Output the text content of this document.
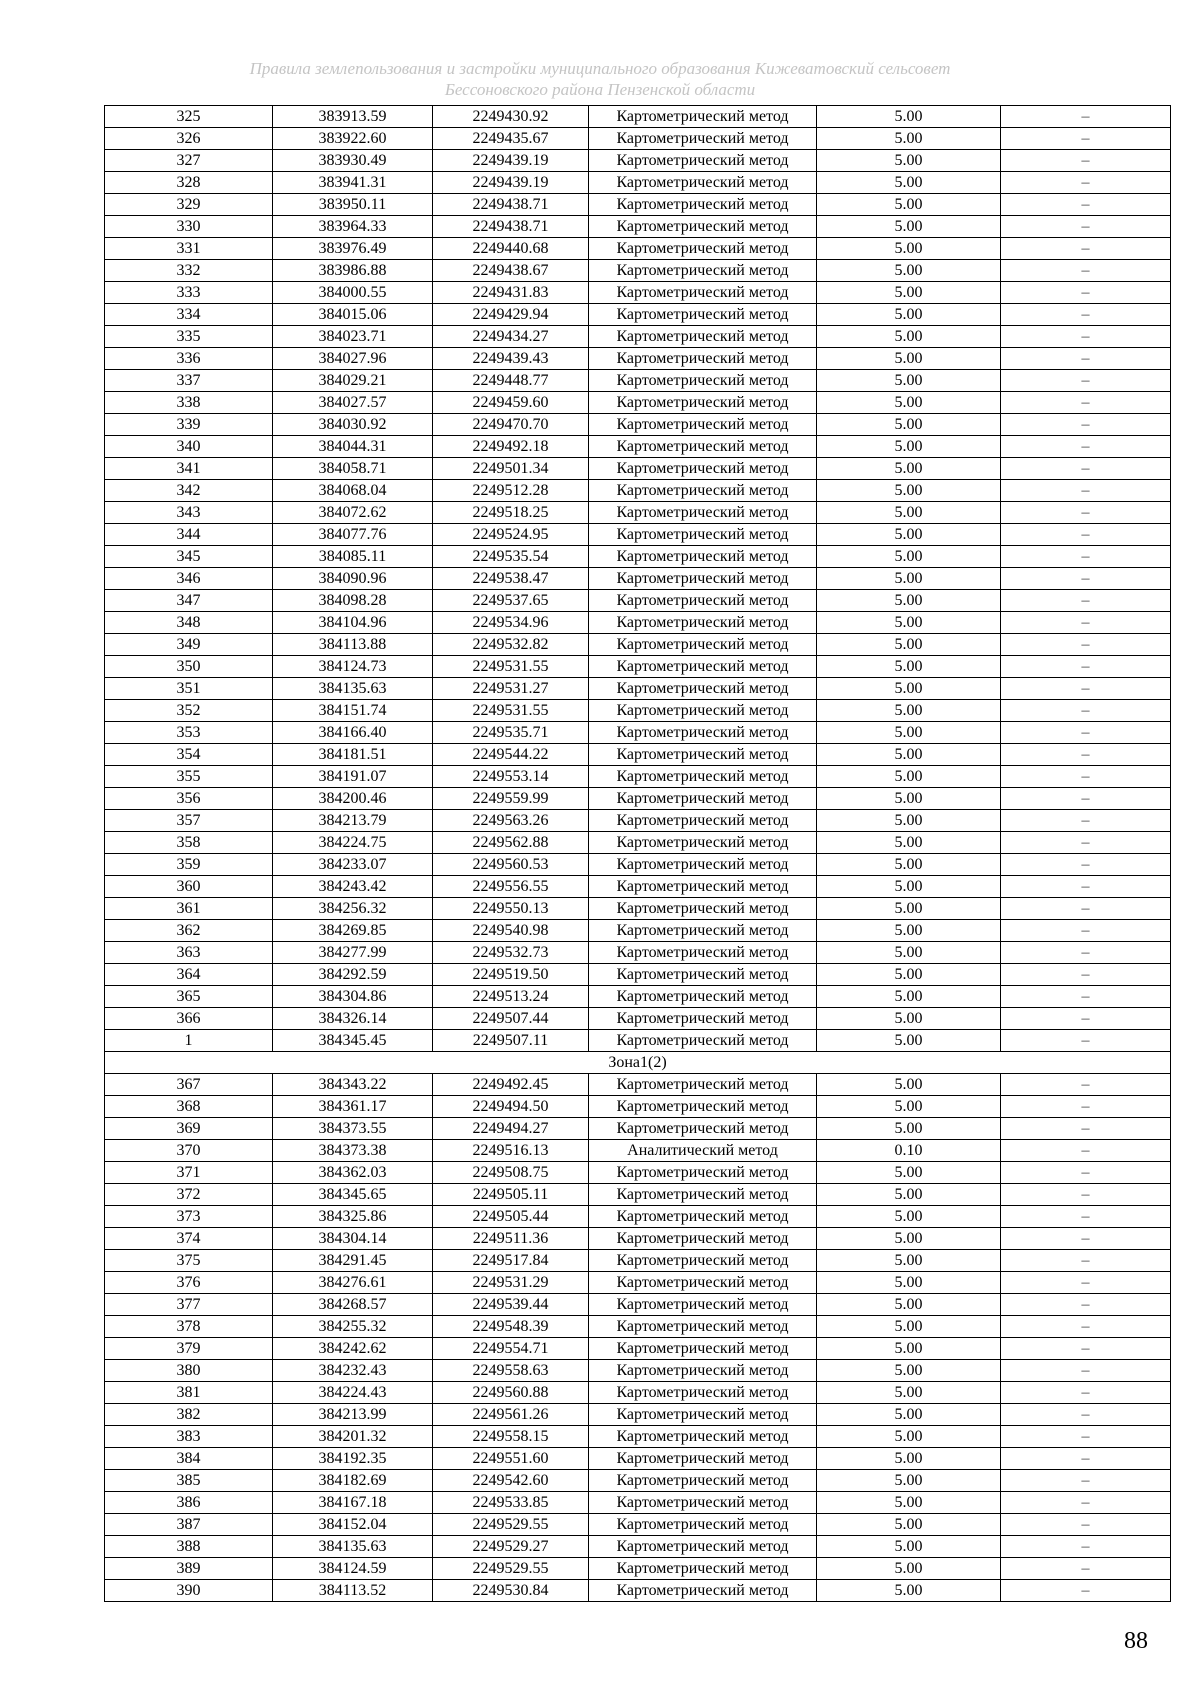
Правила землепользования и застройки муниципального образования Кижеватовский сельсовет
Бессоновского района Пензенской области
325	383913.59	2249430.92	Картометрический метод	5.00	–
326	383922.60	2249435.67	Картометрический метод	5.00	–
327	383930.49	2249439.19	Картометрический метод	5.00	–
328	383941.31	2249439.19	Картометрический метод	5.00	–
329	383950.11	2249438.71	Картометрический метод	5.00	–
330	383964.33	2249438.71	Картометрический метод	5.00	–
331	383976.49	2249440.68	Картометрический метод	5.00	–
332	383986.88	2249438.67	Картометрический метод	5.00	–
333	384000.55	2249431.83	Картометрический метод	5.00	–
334	384015.06	2249429.94	Картометрический метод	5.00	–
335	384023.71	2249434.27	Картометрический метод	5.00	–
336	384027.96	2249439.43	Картометрический метод	5.00	–
337	384029.21	2249448.77	Картометрический метод	5.00	–
338	384027.57	2249459.60	Картометрический метод	5.00	–
339	384030.92	2249470.70	Картометрический метод	5.00	–
340	384044.31	2249492.18	Картометрический метод	5.00	–
341	384058.71	2249501.34	Картометрический метод	5.00	–
342	384068.04	2249512.28	Картометрический метод	5.00	–
343	384072.62	2249518.25	Картометрический метод	5.00	–
344	384077.76	2249524.95	Картометрический метод	5.00	–
345	384085.11	2249535.54	Картометрический метод	5.00	–
346	384090.96	2249538.47	Картометрический метод	5.00	–
347	384098.28	2249537.65	Картометрический метод	5.00	–
348	384104.96	2249534.96	Картометрический метод	5.00	–
349	384113.88	2249532.82	Картометрический метод	5.00	–
350	384124.73	2249531.55	Картометрический метод	5.00	–
351	384135.63	2249531.27	Картометрический метод	5.00	–
352	384151.74	2249531.55	Картометрический метод	5.00	–
353	384166.40	2249535.71	Картометрический метод	5.00	–
354	384181.51	2249544.22	Картометрический метод	5.00	–
355	384191.07	2249553.14	Картометрический метод	5.00	–
356	384200.46	2249559.99	Картометрический метод	5.00	–
357	384213.79	2249563.26	Картометрический метод	5.00	–
358	384224.75	2249562.88	Картометрический метод	5.00	–
359	384233.07	2249560.53	Картометрический метод	5.00	–
360	384243.42	2249556.55	Картометрический метод	5.00	–
361	384256.32	2249550.13	Картометрический метод	5.00	–
362	384269.85	2249540.98	Картометрический метод	5.00	–
363	384277.99	2249532.73	Картометрический метод	5.00	–
364	384292.59	2249519.50	Картометрический метод	5.00	–
365	384304.86	2249513.24	Картометрический метод	5.00	–
366	384326.14	2249507.44	Картометрический метод	5.00	–
1	384345.45	2249507.11	Картометрический метод	5.00	–
Зона1(2)					
367	384343.22	2249492.45	Картометрический метод	5.00	–
368	384361.17	2249494.50	Картометрический метод	5.00	–
369	384373.55	2249494.27	Картометрический метод	5.00	–
370	384373.38	2249516.13	Аналитический метод	0.10	–
371	384362.03	2249508.75	Картометрический метод	5.00	–
372	384345.65	2249505.11	Картометрический метод	5.00	–
373	384325.86	2249505.44	Картометрический метод	5.00	–
374	384304.14	2249511.36	Картометрический метод	5.00	–
375	384291.45	2249517.84	Картометрический метод	5.00	–
376	384276.61	2249531.29	Картометрический метод	5.00	–
377	384268.57	2249539.44	Картометрический метод	5.00	–
378	384255.32	2249548.39	Картометрический метод	5.00	–
379	384242.62	2249554.71	Картометрический метод	5.00	–
380	384232.43	2249558.63	Картометрический метод	5.00	–
381	384224.43	2249560.88	Картометрический метод	5.00	–
382	384213.99	2249561.26	Картометрический метод	5.00	–
383	384201.32	2249558.15	Картометрический метод	5.00	–
384	384192.35	2249551.60	Картометрический метод	5.00	–
385	384182.69	2249542.60	Картометрический метод	5.00	–
386	384167.18	2249533.85	Картометрический метод	5.00	–
387	384152.04	2249529.55	Картометрический метод	5.00	–
388	384135.63	2249529.27	Картометрический метод	5.00	–
389	384124.59	2249529.55	Картометрический метод	5.00	–
390	384113.52	2249530.84	Картометрический метод	5.00	–
88
